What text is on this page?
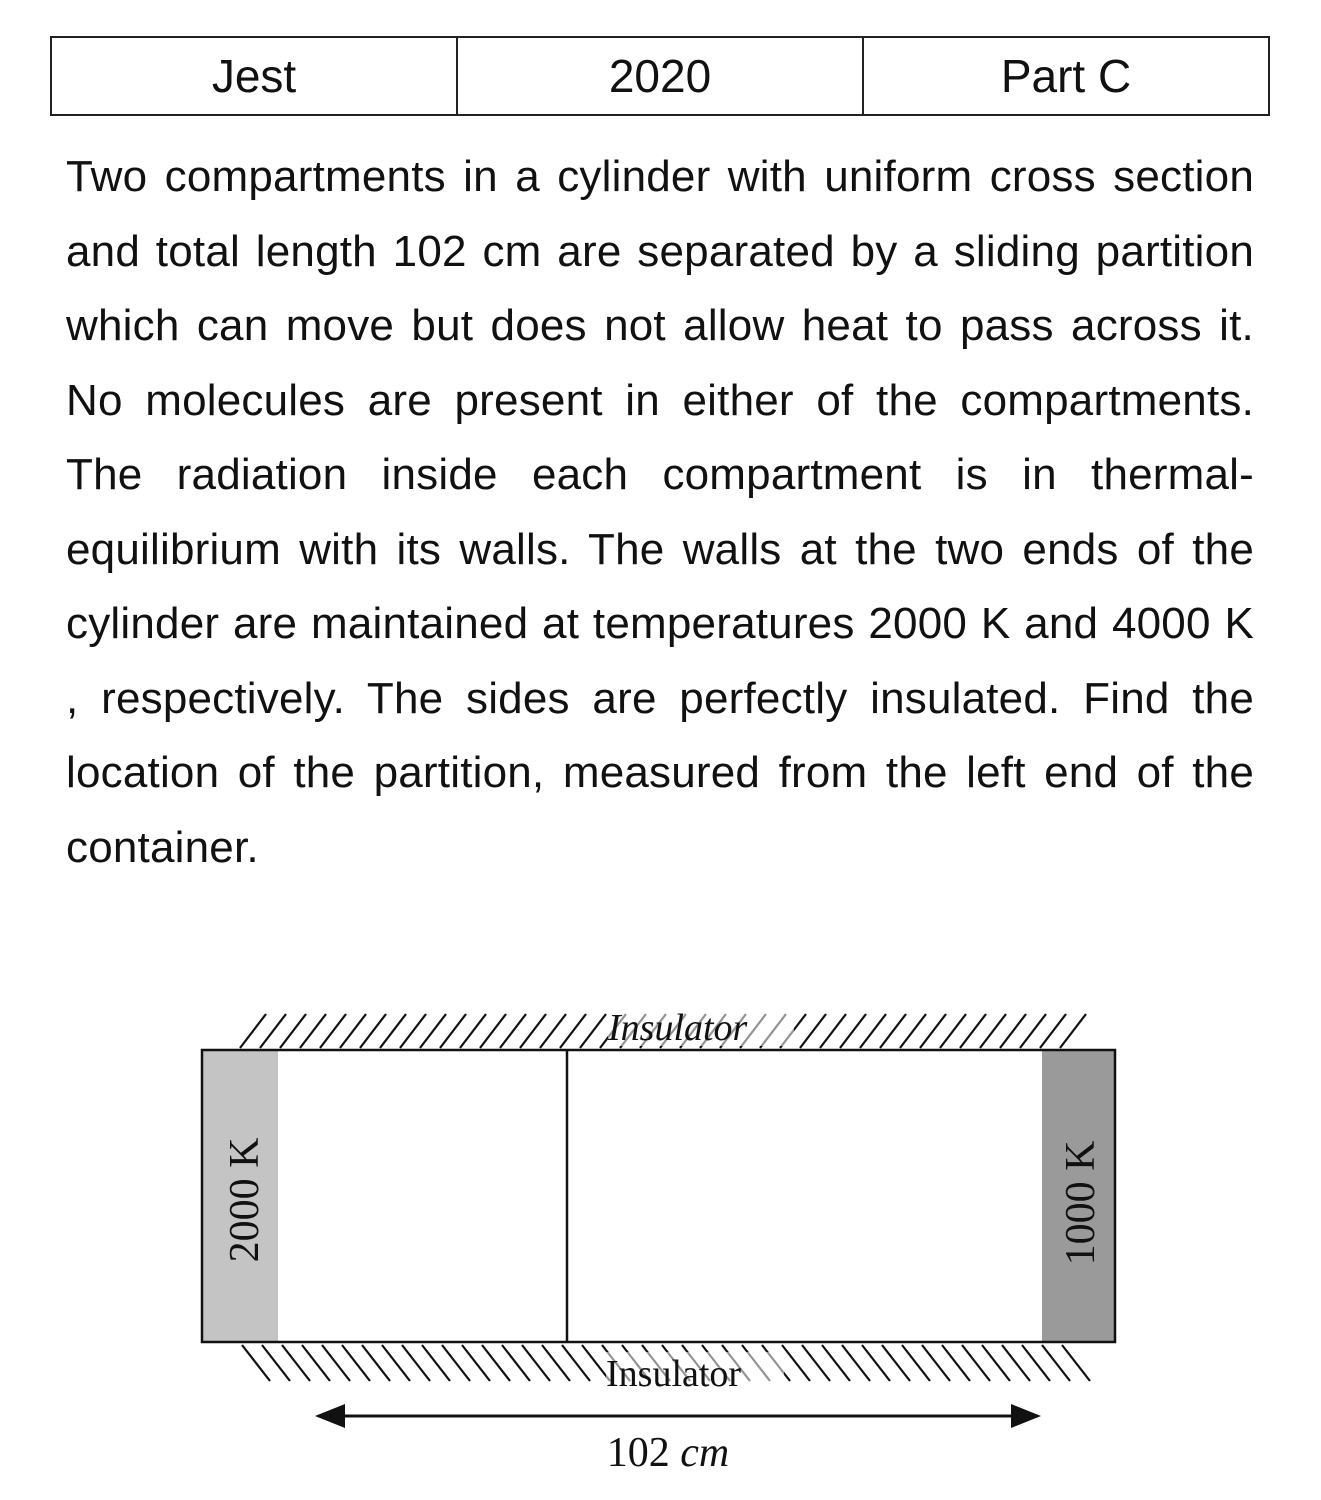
Jest	2020	Part C

Two compartments in a cylinder with uniform cross section and total length 102 cm are separated by a sliding partition which can move but does not allow heat to pass across it. No molecules are present in either of the compartments. The radiation inside each compartment is in thermal-equilibrium with its walls. The walls at the two ends of the cylinder are maintained at temperatures 2000 K and 4000 K , respectively. The sides are perfectly insulated. Find the location of the partition, measured from the left end of the container.

Insulator
Insulator
2000 K	1000 K
102 cm
